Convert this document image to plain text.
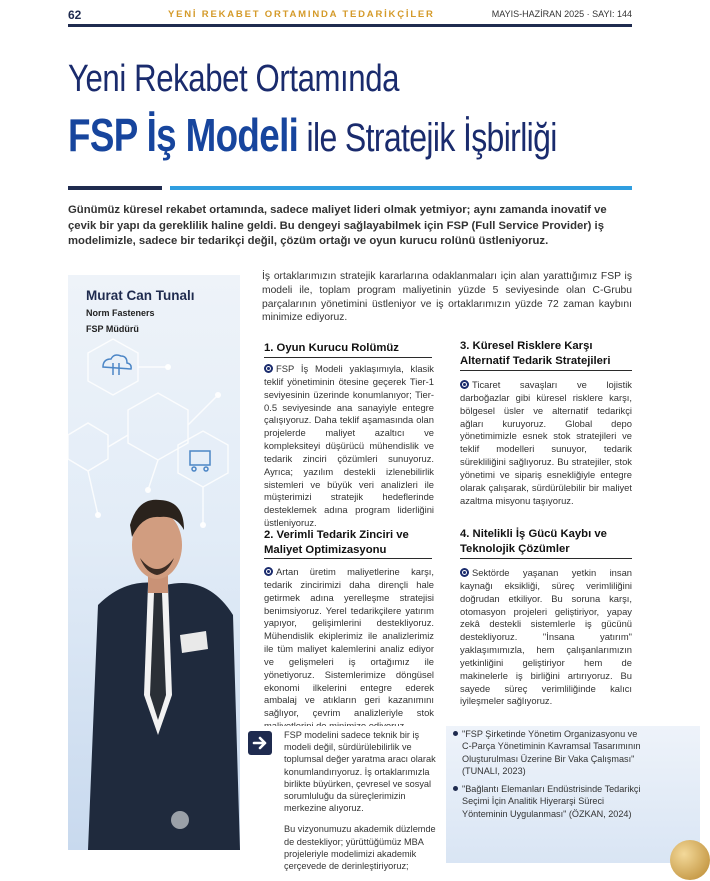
62	YENİ REKABET ORTAMINDA TEDARİKÇİLER	MAYIS-HAZİRAN 2025 · SAYI: 144
Yeni Rekabet Ortamında
FSP İş Modeli ile Stratejik İşbirliği
Günümüz küresel rekabet ortamında, sadece maliyet lideri olmak yetmiyor; aynı zamanda inovatif ve çevik bir yapı da gereklilik haline geldi. Bu dengeyi sağlayabilmek için FSP (Full Service Provider) iş modelimizle, sadece bir tedarikçi değil, çözüm ortağı ve oyun kurucu rolünü üstleniyoruz.
Murat Can Tunalı
Norm Fasteners
FSP Müdürü
İş ortaklarımızın stratejik kararlarına odaklanmaları için alan yarattığımız FSP iş modeli ile, toplam program maliyetinin yüzde 5 seviyesinde olan C-Grubu parçalarının yönetimini üstleniyor ve iş ortaklarımızın yüzde 72 zaman kaybını minimize ediyoruz.
1. Oyun Kurucu Rolümüz
FSP İş Modeli yaklaşımıyla, klasik teklif yönetiminin ötesine geçerek Tier-1 seviyesinin üzerinde konumlanıyor; Tier-0.5 seviyesinde ana sanayiyle entegre çalışıyoruz. Daha teklif aşamasında olan projelerde maliyet azaltıcı ve kompleksiteyi düşürücü mühendislik ve tedarik zinciri çözümleri sunuyoruz. Ayrıca; yazılım destekli izlenebilirlik sistemleri ve büyük veri analizleri ile müşterimizi stratejik hedeflerinde desteklemek adına program liderliğini üstleniyoruz.
2. Verimli Tedarik Zinciri ve Maliyet Optimizasyonu
Artan üretim maliyetlerine karşı, tedarik zincirimizi daha dirençli hale getirmek adına yerelleşme stratejisi benimsiyoruz. Yerel tedarikçilere yatırım yapıyor, gelişimlerini destekliyoruz. Mühendislik ekiplerimiz ile analizlerimiz ile tüm maliyet kalemlerini analiz ediyor ve gelişmeleri iş ortağımız ile yönetiyoruz. Sistemlerimize döngüsel ekonomi ilkelerini entegre ederek ambalaj ve atıkların geri kazanımını sağlıyor, çevrim analizleriyle stok
3. Küresel Risklere Karşı Alternatif Tedarik Stratejileri
Ticaret savaşları ve lojistik darboğazlar gibi küresel risklere karşı, bölgesel üsler ve alternatif tedarikçi ağları kuruyoruz. Global depo yönetimimizle esnek stok stratejileri ve teklif modelleri sunuyor, tedarik sürekliliğini sağlıyoruz. Bu stratejiler, stok yönetimi ve sipariş esnekliğiyle entegre olarak çalışarak, sürdürülebilir bir maliyet azaltma misyonu taşıyoruz.
4. Nitelikli İş Gücü Kaybı ve Teknolojik Çözümler
Sektörde yaşanan yetkin insan kaynağı eksikliği, süreç verimliliğini doğrudan etkiliyor. Bu soruna karşı, otomasyon projeleri geliştiriyor, yapay zekâ destekli sistemlerle iş gücünü destekliyoruz. "İnsana yatırım" yaklaşımımızla, hem çalışanlarımızın yetkinliğini geliştiriyor hem de makinelerle iş birliğini artırıyoruz. Bu sayede süreç verimliliğinde kalıcı iyileşmeler sağlıyoruz.

FSP modelini sadece teknik bir iş modeli değil, sürdürülebilirlik ve toplumsal değer yaratma aracı olarak konumlandırıyoruz. İş ortaklarımızla birlikte büyürken, çevresel ve sosyal sorumluluğu da süreçlerimizin merkezine alıyoruz.

Bu vizyonumuzu akademik düzlemde de destekliyor; yürüttüğümüz MBA projeleriyle modelimizi akademik çerçevede de derinleştiriyoruz;

"FSP Şirketinde Yönetim Organizasyonu ve C-Parça Yönetiminin Kavramsal Tasarımının Oluşturulması Üzerine Bir Vaka Çalışması" (TUNALI, 2023)
"Bağlantı Elemanları Endüstrisinde Tedarikçi Seçimi İçin Analitik Hiyerarşi Süreci Yönteminin Uygulanması" (ÖZKAN, 2024)
